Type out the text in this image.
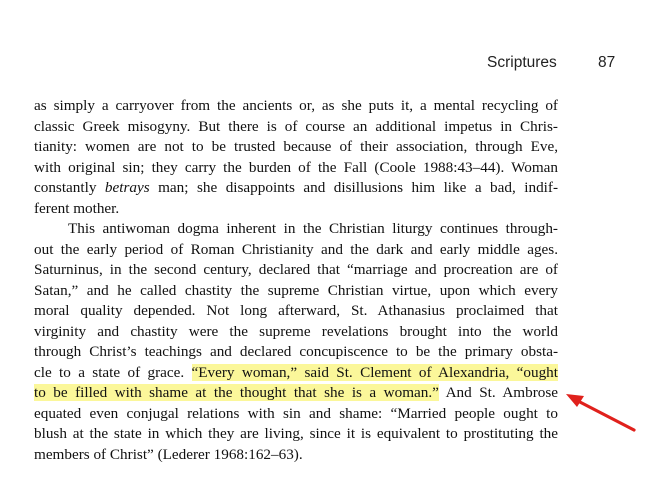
Scriptures	87
as simply a carryover from the ancients or, as she puts it, a mental recycling of
classic Greek misogyny. But there is of course an additional impetus in Chris-
tianity: women are not to be trusted because of their association, through Eve,
with original sin; they carry the burden of the Fall (Coole 1988:43–44). Woman
constantly betrays man; she disappoints and disillusions him like a bad, indif-
ferent mother.
This antiwoman dogma inherent in the Christian liturgy continues through-
out the early period of Roman Christianity and the dark and early middle ages.
Saturninus, in the second century, declared that “marriage and procreation are of
Satan,” and he called chastity the supreme Christian virtue, upon which every
moral quality depended. Not long afterward, St. Athanasius proclaimed that
virginity and chastity were the supreme revelations brought into the world
through Christ’s teachings and declared concupiscence to be the primary obsta-
cle to a state of grace. “Every woman,” said St. Clement of Alexandria, “ought
to be filled with shame at the thought that she is a woman.” And St. Ambrose
equated even conjugal relations with sin and shame: “Married people ought to
blush at the state in which they are living, since it is equivalent to prostituting the
members of Christ” (Lederer 1968:162–63).
